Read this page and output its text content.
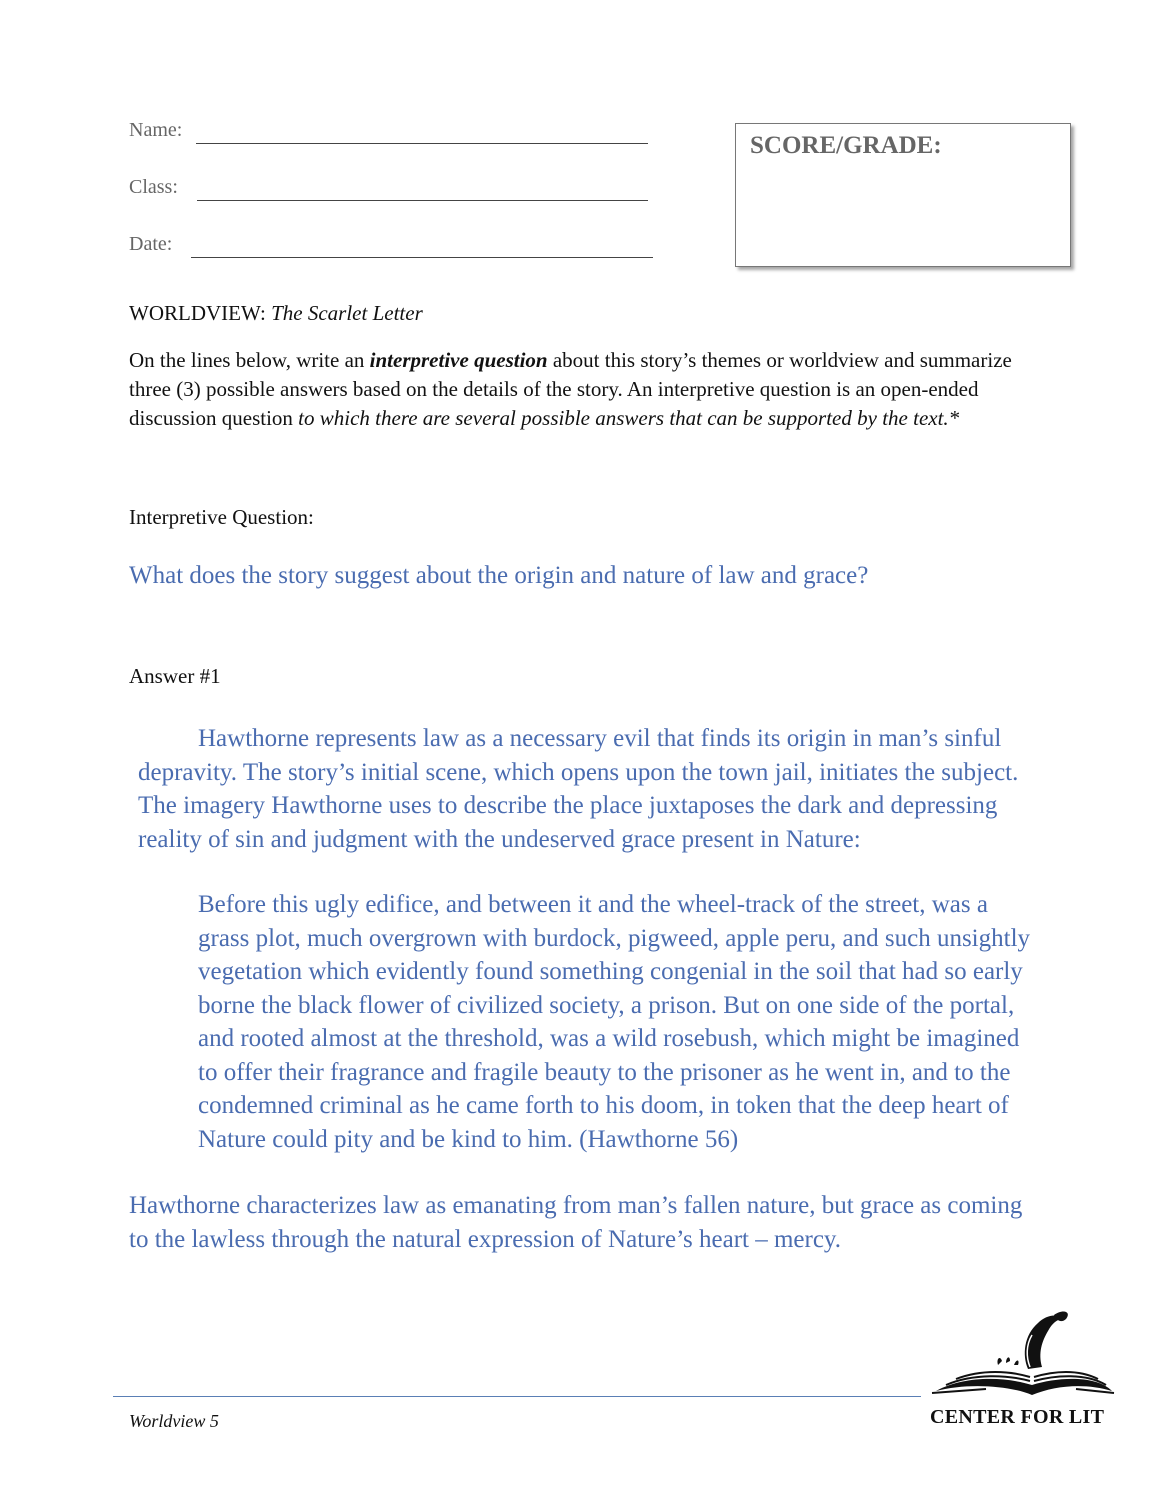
Name:
Class:
Date:
SCORE/GRADE:
WORLDVIEW: The Scarlet Letter
On the lines below, write an interpretive question about this story’s themes or worldview and summarize three (3) possible answers based on the details of the story. An interpretive question is an open-ended discussion question to which there are several possible answers that can be supported by the text.*
Interpretive Question:
What does the story suggest about the origin and nature of law and grace?
Answer #1
Hawthorne represents law as a necessary evil that finds its origin in man’s sinful depravity. The story’s initial scene, which opens upon the town jail, initiates the subject. The imagery Hawthorne uses to describe the place juxtaposes the dark and depressing reality of sin and judgment with the undeserved grace present in Nature:
Before this ugly edifice, and between it and the wheel-track of the street, was a grass plot, much overgrown with burdock, pigweed, apple peru, and such unsightly vegetation which evidently found something congenial in the soil that had so early borne the black flower of civilized society, a prison. But on one side of the portal, and rooted almost at the threshold, was a wild rosebush, which might be imagined to offer their fragrance and fragile beauty to the prisoner as he went in, and to the condemned criminal as he came forth to his doom, in token that the deep heart of Nature could pity and be kind to him. (Hawthorne 56)
Hawthorne characterizes law as emanating from man’s fallen nature, but grace as coming to the lawless through the natural expression of Nature’s heart – mercy.
Worldview 5	CENTER FOR LIT
